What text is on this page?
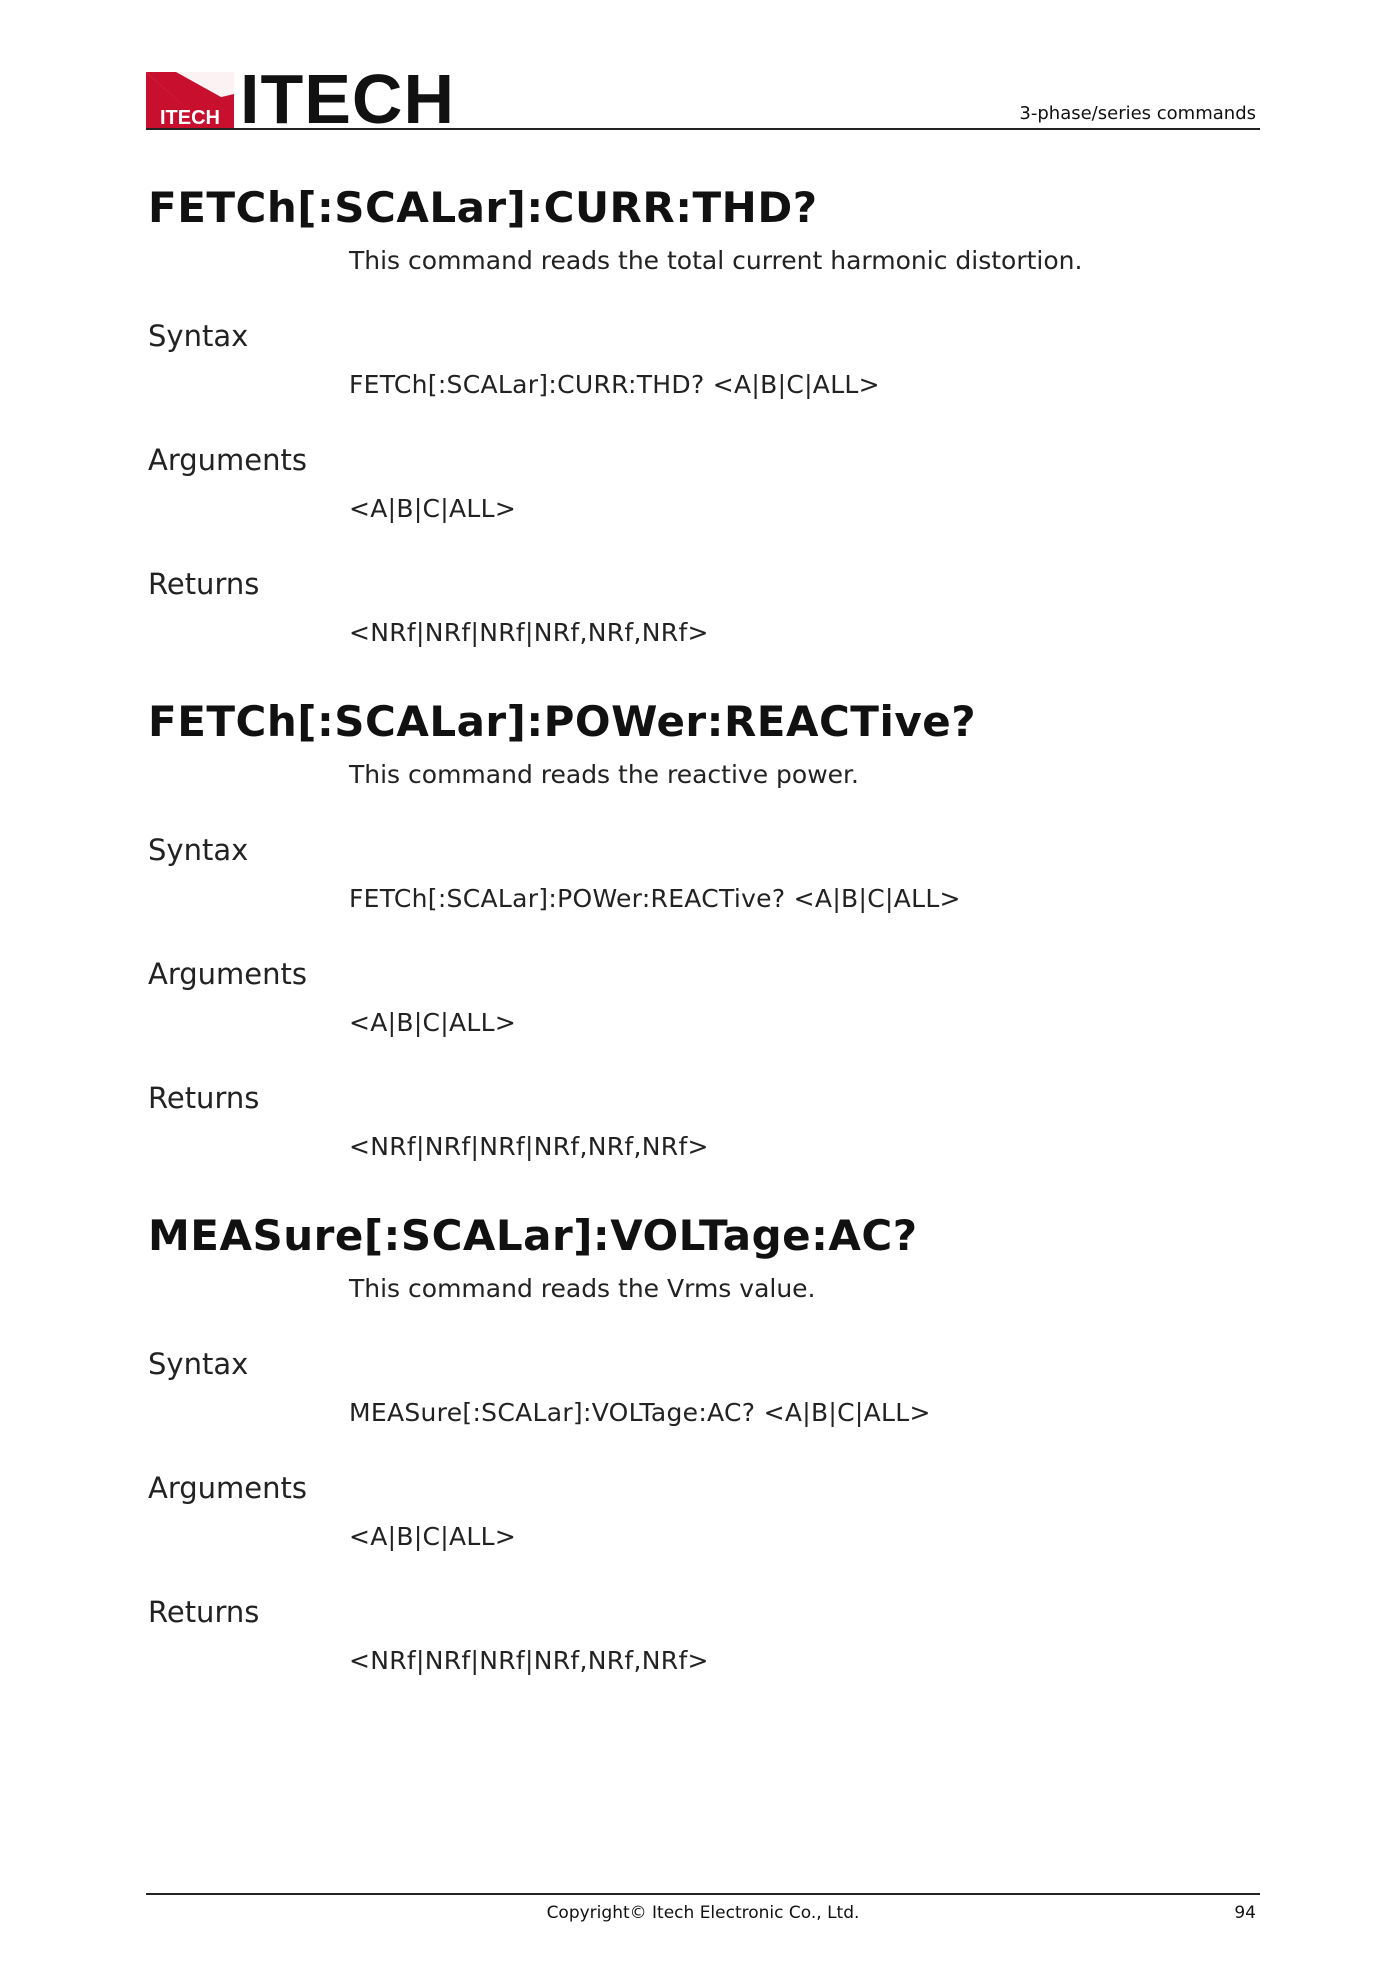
ITECH ITECH	3-phase/series commands
FETCh[:SCALar]:CURR:THD?
This command reads the total current harmonic distortion.
Syntax
FETCh[:SCALar]:CURR:THD? <A|B|C|ALL>
Arguments
<A|B|C|ALL>
Returns
<NRf|NRf|NRf|NRf,NRf,NRf>
FETCh[:SCALar]:POWer:REACTive?
This command reads the reactive power.
Syntax
FETCh[:SCALar]:POWer:REACTive? <A|B|C|ALL>
Arguments
<A|B|C|ALL>
Returns
<NRf|NRf|NRf|NRf,NRf,NRf>
MEASure[:SCALar]:VOLTage:AC?
This command reads the Vrms value.
Syntax
MEASure[:SCALar]:VOLTage:AC? <A|B|C|ALL>
Arguments
<A|B|C|ALL>
Returns
<NRf|NRf|NRf|NRf,NRf,NRf>
Copyright© Itech Electronic Co., Ltd.	94
